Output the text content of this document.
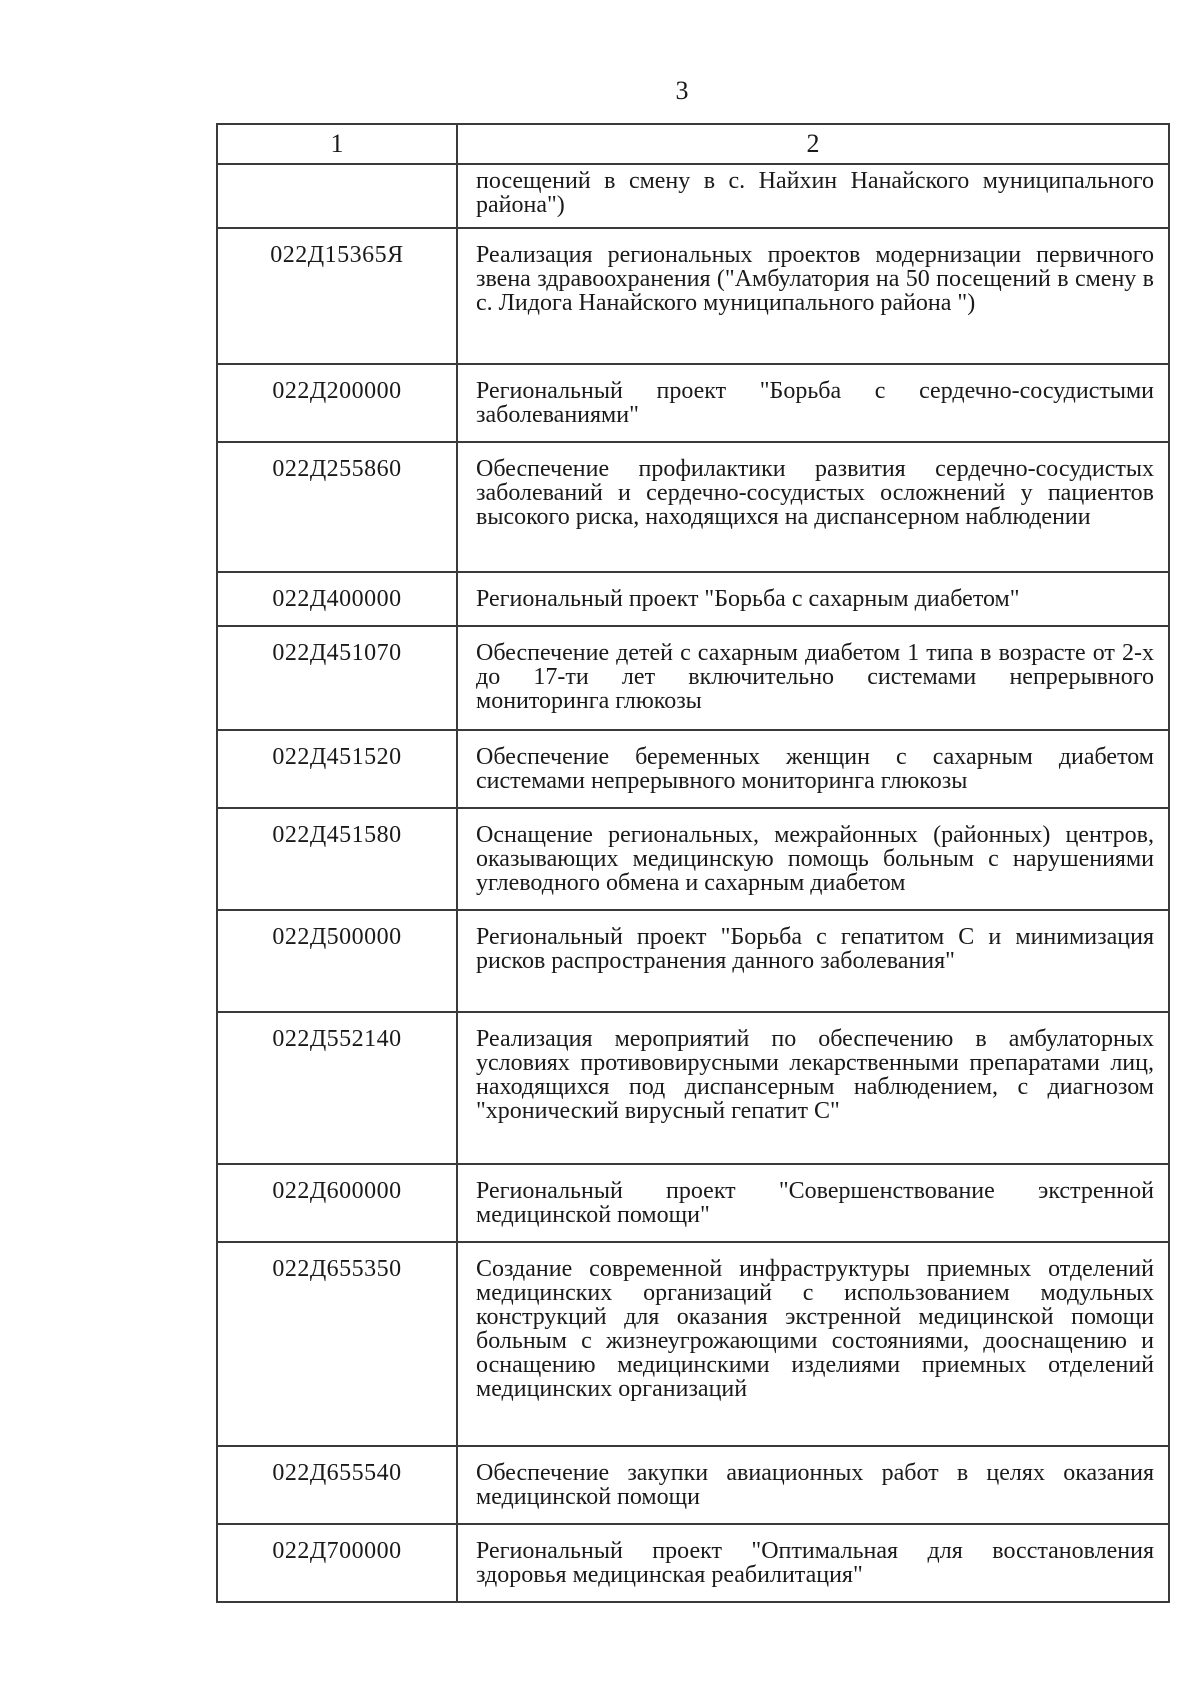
3
1	2
	посещений в смену в с. Найхин Нанайского муниципального района")
022Д15365Я	Реализация региональных проектов модернизации первичного звена здравоохранения ("Амбулатория на 50 посещений в смену в с. Лидога Нанайского муниципального района ")
022Д200000	Региональный проект "Борьба с сердечно-сосудистыми заболеваниями"
022Д255860	Обеспечение профилактики развития сердечно-сосудистых заболеваний и сердечно-сосудистых осложнений у пациентов высокого риска, находящихся на диспансерном наблюдении
022Д400000	Региональный проект "Борьба с сахарным диабетом"
022Д451070	Обеспечение детей с сахарным диабетом 1 типа в возрасте от 2-х до 17-ти лет включительно системами непрерывного мониторинга глюкозы
022Д451520	Обеспечение беременных женщин с сахарным диабетом системами непрерывного мониторинга глюкозы
022Д451580	Оснащение региональных, межрайонных (районных) центров, оказывающих медицинскую помощь больным с нарушениями углеводного обмена и сахарным диабетом
022Д500000	Региональный проект "Борьба с гепатитом С и минимизация рисков распространения данного заболевания"
022Д552140	Реализация мероприятий по обеспечению в амбулаторных условиях противовирусными лекарственными препаратами лиц, находящихся под диспансерным наблюдением, с диагнозом "хронический вирусный гепатит С"
022Д600000	Региональный проект "Совершенствование экстренной медицинской помощи"
022Д655350	Создание современной инфраструктуры приемных отделений медицинских организаций с использованием модульных конструкций для оказания экстренной медицинской помощи больным с жизнеугрожающими состояниями, дооснащению и оснащению медицинскими изделиями приемных отделений медицинских организаций
022Д655540	Обеспечение закупки авиационных работ в целях оказания медицинской помощи
022Д700000	Региональный проект "Оптимальная для восстановления здоровья медицинская реабилитация"
